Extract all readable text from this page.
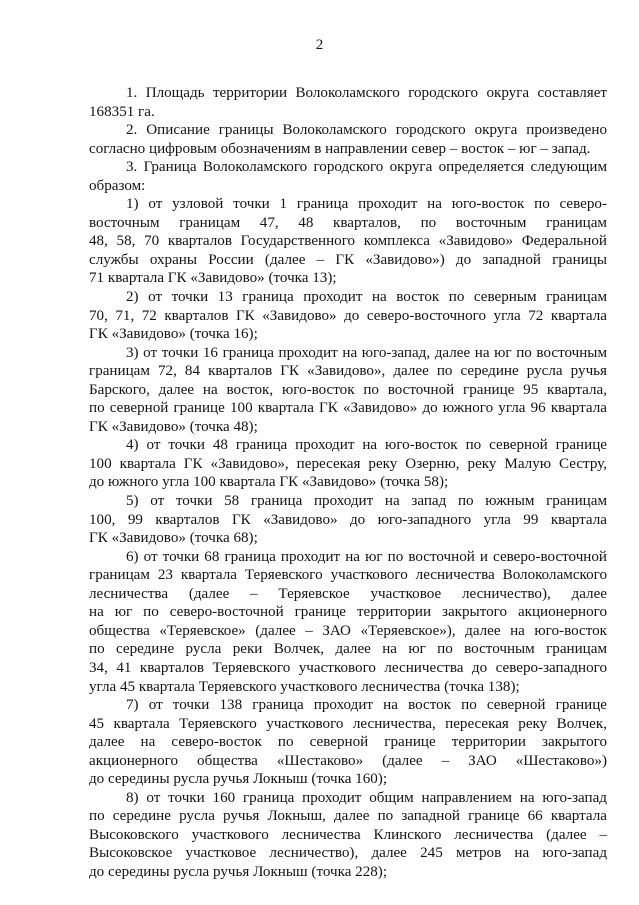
2
1. Площадь территории Волоколамского городского округа составляет
168351 га.
2. Описание границы Волоколамского городского округа произведено
согласно цифровым обозначениям в направлении север – восток – юг – запад.
3. Граница Волоколамского городского округа определяется следующим
образом:
1) от узловой точки 1 граница проходит на юго-восток по северо-
восточным границам 47, 48 кварталов, по восточным границам
48, 58, 70 кварталов Государственного комплекса «Завидово» Федеральной
службы охраны России (далее – ГК «Завидово») до западной границы
71 квартала ГК «Завидово» (точка 13);
2) от точки 13 граница проходит на восток по северным границам
70, 71, 72 кварталов ГК «Завидово» до северо-восточного угла 72 квартала
ГК «Завидово» (точка 16);
3) от точки 16 граница проходит на юго-запад, далее на юг по восточным
границам 72, 84 кварталов ГК «Завидово», далее по середине русла ручья
Барского, далее на восток, юго-восток по восточной границе 95 квартала,
по северной границе 100 квартала ГК «Завидово» до южного угла 96 квартала
ГК «Завидово» (точка 48);
4) от точки 48 граница проходит на юго-восток по северной границе
100 квартала ГК «Завидово», пересекая реку Озерню, реку Малую Сестру,
до южного угла 100 квартала ГК «Завидово» (точка 58);
5) от точки 58 граница проходит на запад по южным границам
100, 99 кварталов ГК «Завидово» до юго-западного угла 99 квартала
ГК «Завидово» (точка 68);
6) от точки 68 граница проходит на юг по восточной и северо-восточной
границам 23 квартала Теряевского участкового лесничества Волоколамского
лесничества (далее – Теряевское участковое лесничество), далее
на юг по северо-восточной границе территории закрытого акционерного
общества «Теряевское» (далее – ЗАО «Теряевское»), далее на юго-восток
по середине русла реки Волчек, далее на юг по восточным границам
34, 41 кварталов Теряевского участкового лесничества до северо-западного
угла 45 квартала Теряевского участкового лесничества (точка 138);
7) от точки 138 граница проходит на восток по северной границе
45 квартала Теряевского участкового лесничества, пересекая реку Волчек,
далее на северо-восток по северной границе территории закрытого
акционерного общества «Шестаково» (далее – ЗАО «Шестаково»)
до середины русла ручья Локныш (точка 160);
8) от точки 160 граница проходит общим направлением на юго-запад
по середине русла ручья Локныш, далее по западной границе 66 квартала
Высоковского участкового лесничества Клинского лесничества (далее –
Высоковское участковое лесничество), далее 245 метров на юго-запад
до середины русла ручья Локныш (точка 228);
